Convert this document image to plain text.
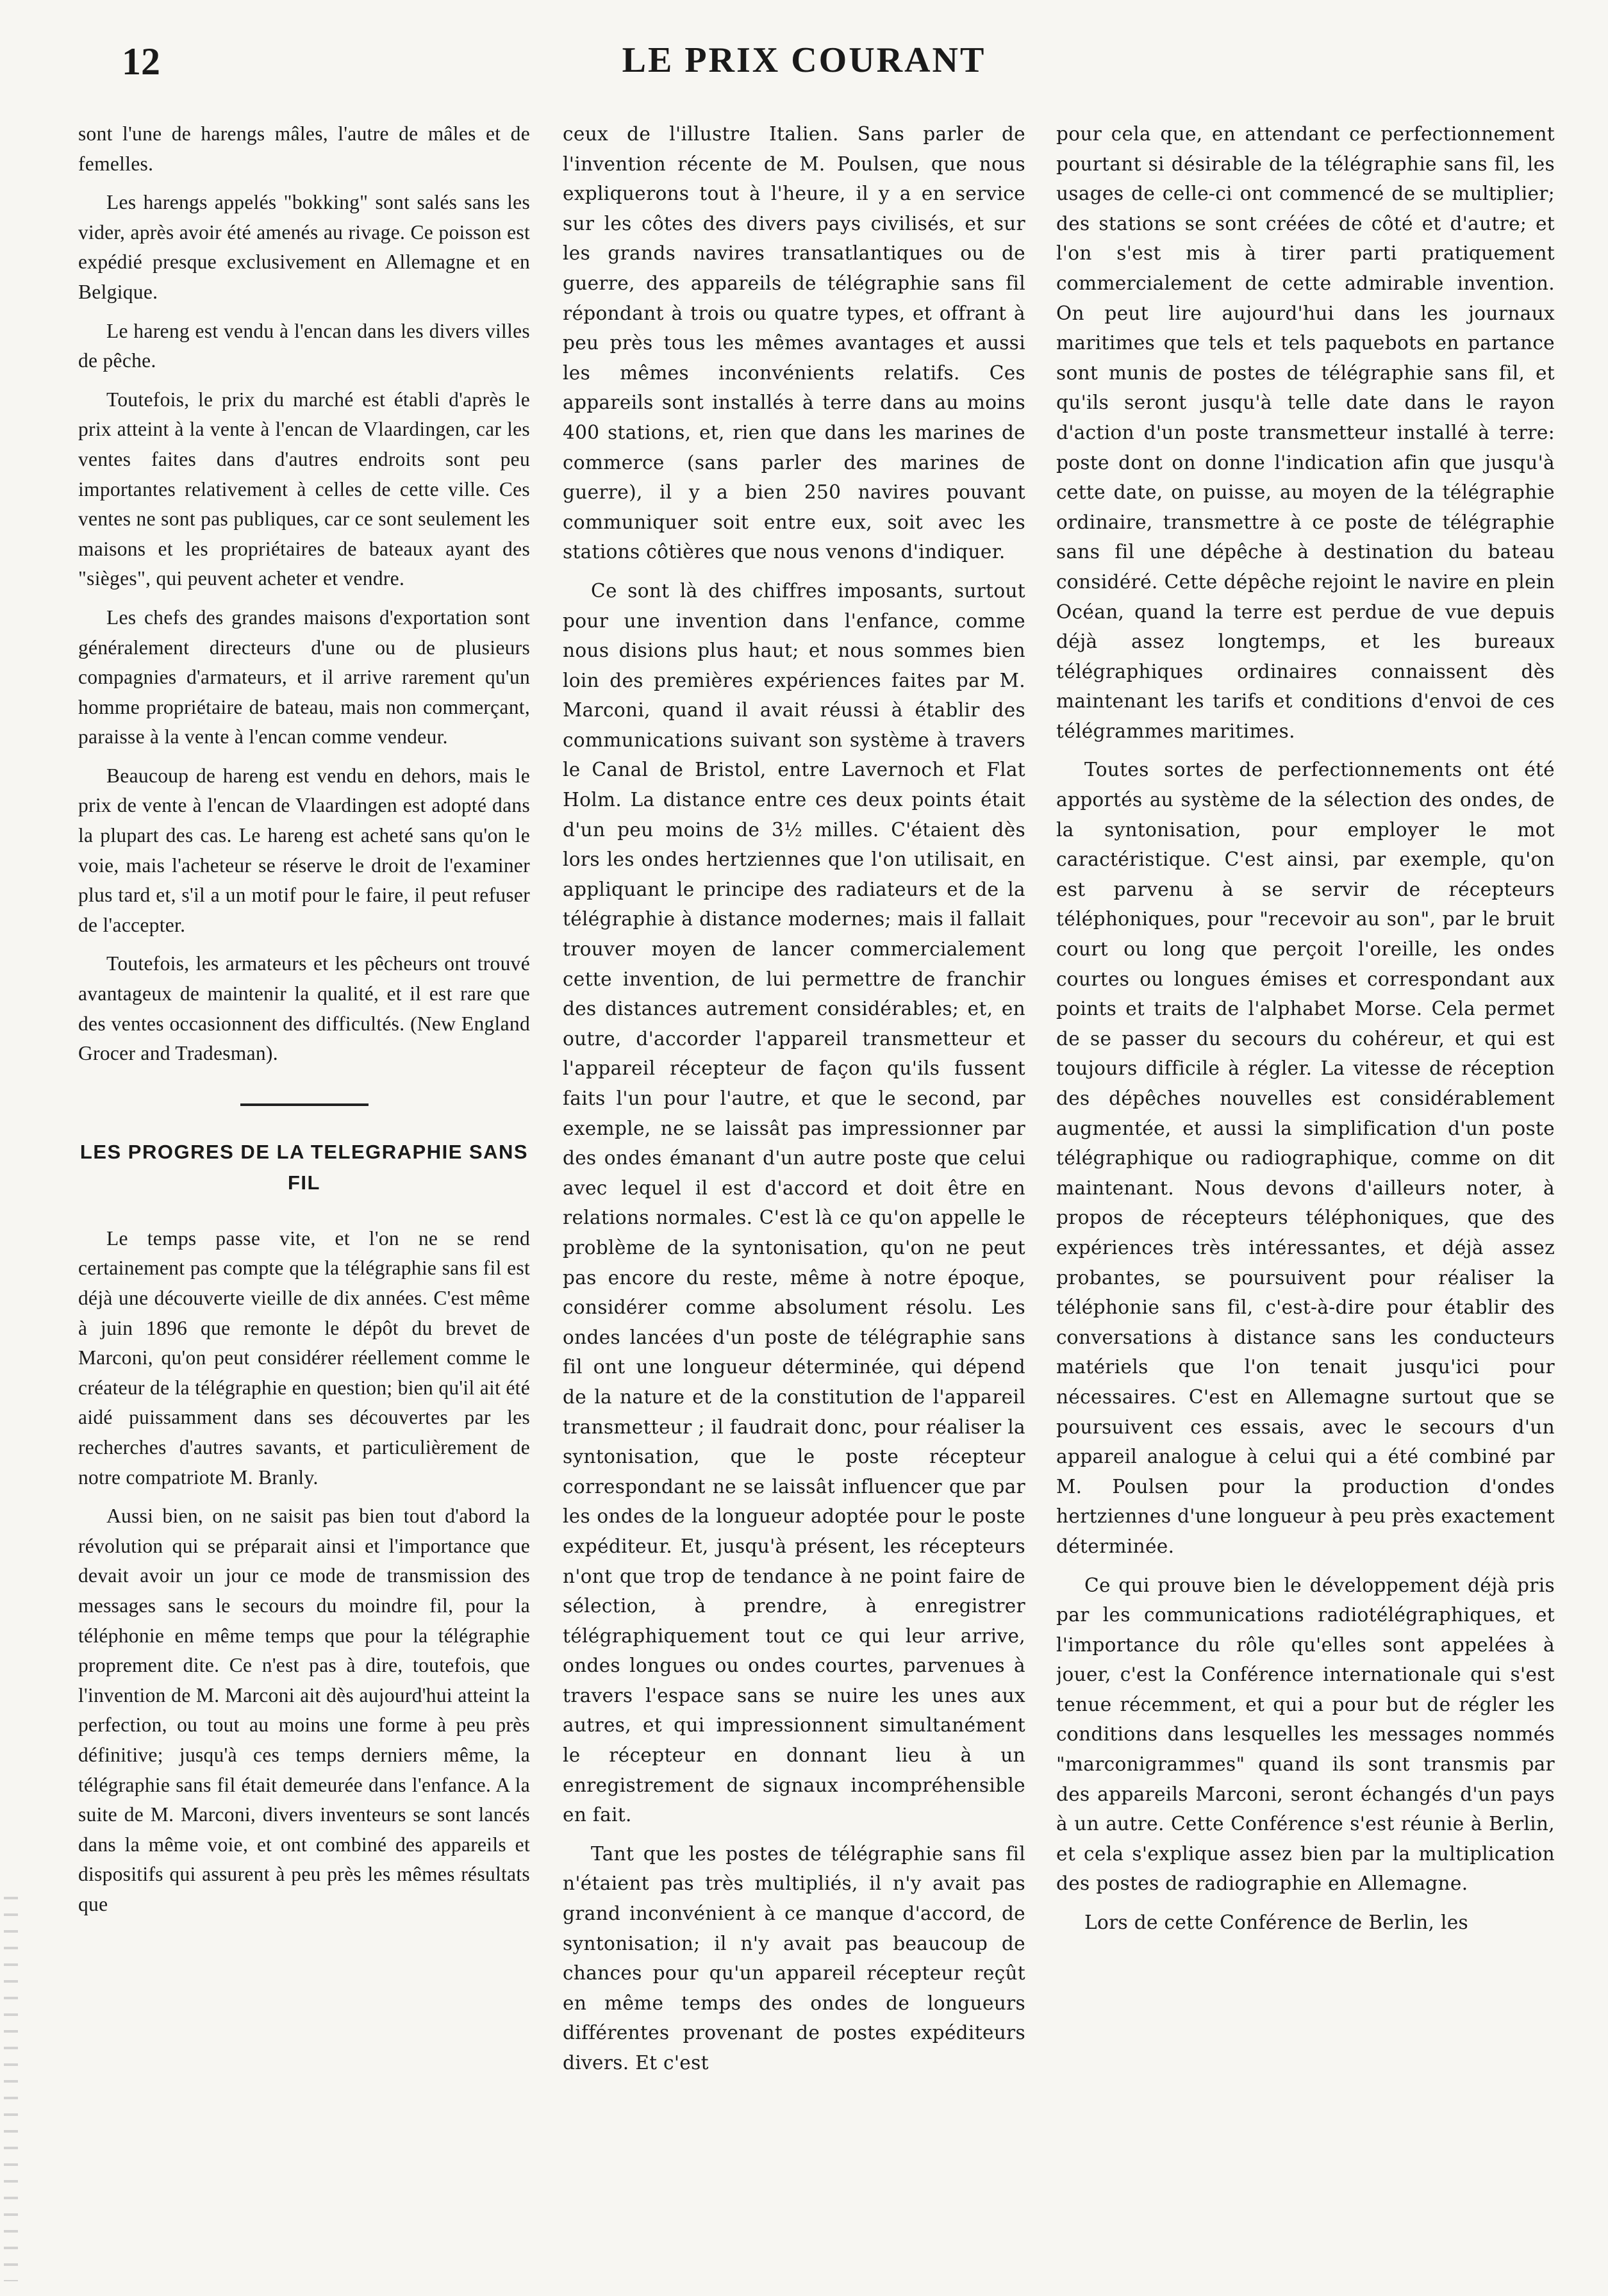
12	LE PRIX COURANT

sont l'une de harengs mâles, l'autre de mâles et de femelles.

Les harengs appelés "bokking" sont salés sans les vider, après avoir été amenés au rivage. Ce poisson est expédié presque exclusivement en Allemagne et en Belgique.

Le hareng est vendu à l'encan dans les divers villes de pêche.

Toutefois, le prix du marché est établi d'après le prix atteint à la vente à l'encan de Vlaardingen, car les ventes faites dans d'autres endroits sont peu importantes relativement à celles de cette ville. Ces ventes ne sont pas publiques, car ce sont seulement les maisons et les propriétaires de bateaux ayant des "sièges", qui peuvent acheter et vendre.

Les chefs des grandes maisons d'exportation sont généralement directeurs d'une ou de plusieurs compagnies d'armateurs, et il arrive rarement qu'un homme propriétaire de bateau, mais non commerçant, paraisse à la vente à l'encan comme vendeur.

Beaucoup de hareng est vendu en dehors, mais le prix de vente à l'encan de Vlaardingen est adopté dans la plupart des cas. Le hareng est acheté sans qu'on le voie, mais l'acheteur se réserve le droit de l'examiner plus tard et, s'il a un motif pour le faire, il peut refuser de l'accepter.

Toutefois, les armateurs et les pêcheurs ont trouvé avantageux de maintenir la qualité, et il est rare que des ventes occasionnent des difficultés. (New England Grocer and Tradesman).

LES PROGRES DE LA TELEGRAPHIE SANS FIL

Le temps passe vite, et l'on ne se rend certainement pas compte que la télégraphie sans fil est déjà une découverte vieille de dix années. C'est même à juin 1896 que remonte le dépôt du brevet de Marconi, qu'on peut considérer réellement comme le créateur de la télégraphie en question; bien qu'il ait été aidé puissamment dans ses découvertes par les recherches d'autres savants, et particulièrement de notre compatriote M. Branly.

Aussi bien, on ne saisit pas bien tout d'abord la révolution qui se préparait ainsi et l'importance que devait avoir un jour ce mode de transmission des messages sans le secours du moindre fil, pour la téléphonie en même temps que pour la télégraphie proprement dite. Ce n'est pas à dire, toutefois, que l'invention de M. Marconi ait dès aujourd'hui atteint la perfection, ou tout au moins une forme à peu près définitive; jusqu'à ces temps derniers même, la télégraphie sans fil était demeurée dans l'enfance. A la suite de M. Marconi, divers inventeurs se sont lancés dans la même voie, et ont combiné des appareils et dispositifs qui assurent à peu près les mêmes résultats que

ceux de l'illustre Italien. Sans parler de l'invention récente de M. Poulsen, que nous expliquerons tout à l'heure, il y a en service sur les côtes des divers pays civilisés, et sur les grands navires transatlantiques ou de guerre, des appareils de télégraphie sans fil répondant à trois ou quatre types, et offrant à peu près tous les mêmes avantages et aussi les mêmes inconvénients relatifs. Ces appareils sont installés à terre dans au moins 400 stations, et, rien que dans les marines de commerce (sans parler des marines de guerre), il y a bien 250 navires pouvant communiquer soit entre eux, soit avec les stations côtières que nous venons d'indiquer.

Ce sont là des chiffres imposants, surtout pour une invention dans l'enfance, comme nous disions plus haut; et nous sommes bien loin des premières expériences faites par M. Marconi, quand il avait réussi à établir des communications suivant son système à travers le Canal de Bristol, entre Lavernoch et Flat Holm. La distance entre ces deux points était d'un peu moins de 3½ milles. C'étaient dès lors les ondes hertziennes que l'on utilisait, en appliquant le principe des radiateurs et de la télégraphie à distance modernes; mais il fallait trouver moyen de lancer commercialement cette invention, de lui permettre de franchir des distances autrement considérables; et, en outre, d'accorder l'appareil transmetteur et l'appareil récepteur de façon qu'ils fussent faits l'un pour l'autre, et que le second, par exemple, ne se laissât pas impressionner par des ondes émanant d'un autre poste que celui avec lequel il est d'accord et doit être en relations normales. C'est là ce qu'on appelle le problème de la syntonisation, qu'on ne peut pas encore du reste, même à notre époque, considérer comme absolument résolu. Les ondes lancées d'un poste de télégraphie sans fil ont une longueur déterminée, qui dépend de la nature et de la constitution de l'appareil transmetteur ; il faudrait donc, pour réaliser la syntonisation, que le poste récepteur correspondant ne se laissât influencer que par les ondes de la longueur adoptée pour le poste expéditeur. Et, jusqu'à présent, les récepteurs n'ont que trop de tendance à ne point faire de sélection, à prendre, à enregistrer télégraphiquement tout ce qui leur arrive, ondes longues ou ondes courtes, parvenues à travers l'espace sans se nuire les unes aux autres, et qui impressionnent simultanément le récepteur en donnant lieu à un enregistrement de signaux incompréhensible en fait.

Tant que les postes de télégraphie sans fil n'étaient pas très multipliés, il n'y avait pas grand inconvénient à ce manque d'accord, de syntonisation; il n'y avait pas beaucoup de chances pour qu'un appareil récepteur reçût en même temps des ondes de longueurs différentes provenant de postes expéditeurs divers. Et c'est

pour cela que, en attendant ce perfectionnement pourtant si désirable de la télégraphie sans fil, les usages de celle-ci ont commencé de se multiplier; des stations se sont créées de côté et d'autre; et l'on s'est mis à tirer parti pratiquement commercialement de cette admirable invention. On peut lire aujourd'hui dans les journaux maritimes que tels et tels paquebots en partance sont munis de postes de télégraphie sans fil, et qu'ils seront jusqu'à telle date dans le rayon d'action d'un poste transmetteur installé à terre: poste dont on donne l'indication afin que jusqu'à cette date, on puisse, au moyen de la télégraphie ordinaire, transmettre à ce poste de télégraphie sans fil une dépêche à destination du bateau considéré. Cette dépêche rejoint le navire en plein Océan, quand la terre est perdue de vue depuis déjà assez longtemps, et les bureaux télégraphiques ordinaires connaissent dès maintenant les tarifs et conditions d'envoi de ces télégrammes maritimes.

Toutes sortes de perfectionnements ont été apportés au système de la sélection des ondes, de la syntonisation, pour employer le mot caractéristique. C'est ainsi, par exemple, qu'on est parvenu à se servir de récepteurs téléphoniques, pour "recevoir au son", par le bruit court ou long que perçoit l'oreille, les ondes courtes ou longues émises et correspondant aux points et traits de l'alphabet Morse. Cela permet de se passer du secours du cohéreur, et qui est toujours difficile à régler. La vitesse de réception des dépêches nouvelles est considérablement augmentée, et aussi la simplification d'un poste télégraphique ou radiographique, comme on dit maintenant. Nous devons d'ailleurs noter, à propos de récepteurs téléphoniques, que des expériences très intéressantes, et déjà assez probantes, se poursuivent pour réaliser la téléphonie sans fil, c'est-à-dire pour établir des conversations à distance sans les conducteurs matériels que l'on tenait jusqu'ici pour nécessaires. C'est en Allemagne surtout que se poursuivent ces essais, avec le secours d'un appareil analogue à celui qui a été combiné par M. Poulsen pour la production d'ondes hertziennes d'une longueur à peu près exactement déterminée.

Ce qui prouve bien le développement déjà pris par les communications radiotélégraphiques, et l'importance du rôle qu'elles sont appelées à jouer, c'est la Conférence internationale qui s'est tenue récemment, et qui a pour but de régler les conditions dans lesquelles les messages nommés "marconigrammes" quand ils sont transmis par des appareils Marconi, seront échangés d'un pays à un autre. Cette Conférence s'est réunie à Berlin, et cela s'explique assez bien par la multiplication des postes de radiographie en Allemagne.

Lors de cette Conférence de Berlin, les
